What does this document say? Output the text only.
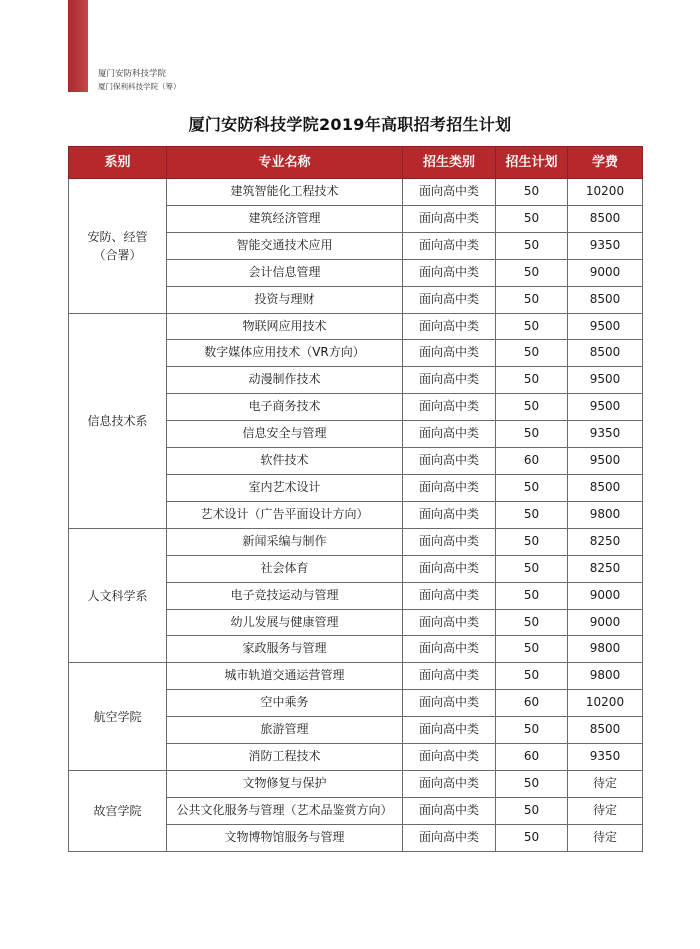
厦门安防科技学院
厦门保利科技学院（筹）
厦门安防科技学院2019年高职招考招生计划
系别	专业名称	招生类别	招生计划	学费
安防、经管
（合署）	建筑智能化工程技术	面向高中类	50	10200
	建筑经济管理	面向高中类	50	8500
	智能交通技术应用	面向高中类	50	9350
	会计信息管理	面向高中类	50	9000
	投资与理财	面向高中类	50	8500
信息技术系	物联网应用技术	面向高中类	50	9500
	数字媒体应用技术（VR方向）	面向高中类	50	8500
	动漫制作技术	面向高中类	50	9500
	电子商务技术	面向高中类	50	9500
	信息安全与管理	面向高中类	50	9350
	软件技术	面向高中类	60	9500
	室内艺术设计	面向高中类	50	8500
	艺术设计（广告平面设计方向）	面向高中类	50	9800
人文科学系	新闻采编与制作	面向高中类	50	8250
	社会体育	面向高中类	50	8250
	电子竞技运动与管理	面向高中类	50	9000
	幼儿发展与健康管理	面向高中类	50	9000
	家政服务与管理	面向高中类	50	9800
航空学院	城市轨道交通运营管理	面向高中类	50	9800
	空中乘务	面向高中类	60	10200
	旅游管理	面向高中类	50	8500
	消防工程技术	面向高中类	60	9350
故宫学院	文物修复与保护	面向高中类	50	待定
	公共文化服务与管理（艺术品鉴赏方向）	面向高中类	50	待定
	文物博物馆服务与管理	面向高中类	50	待定
